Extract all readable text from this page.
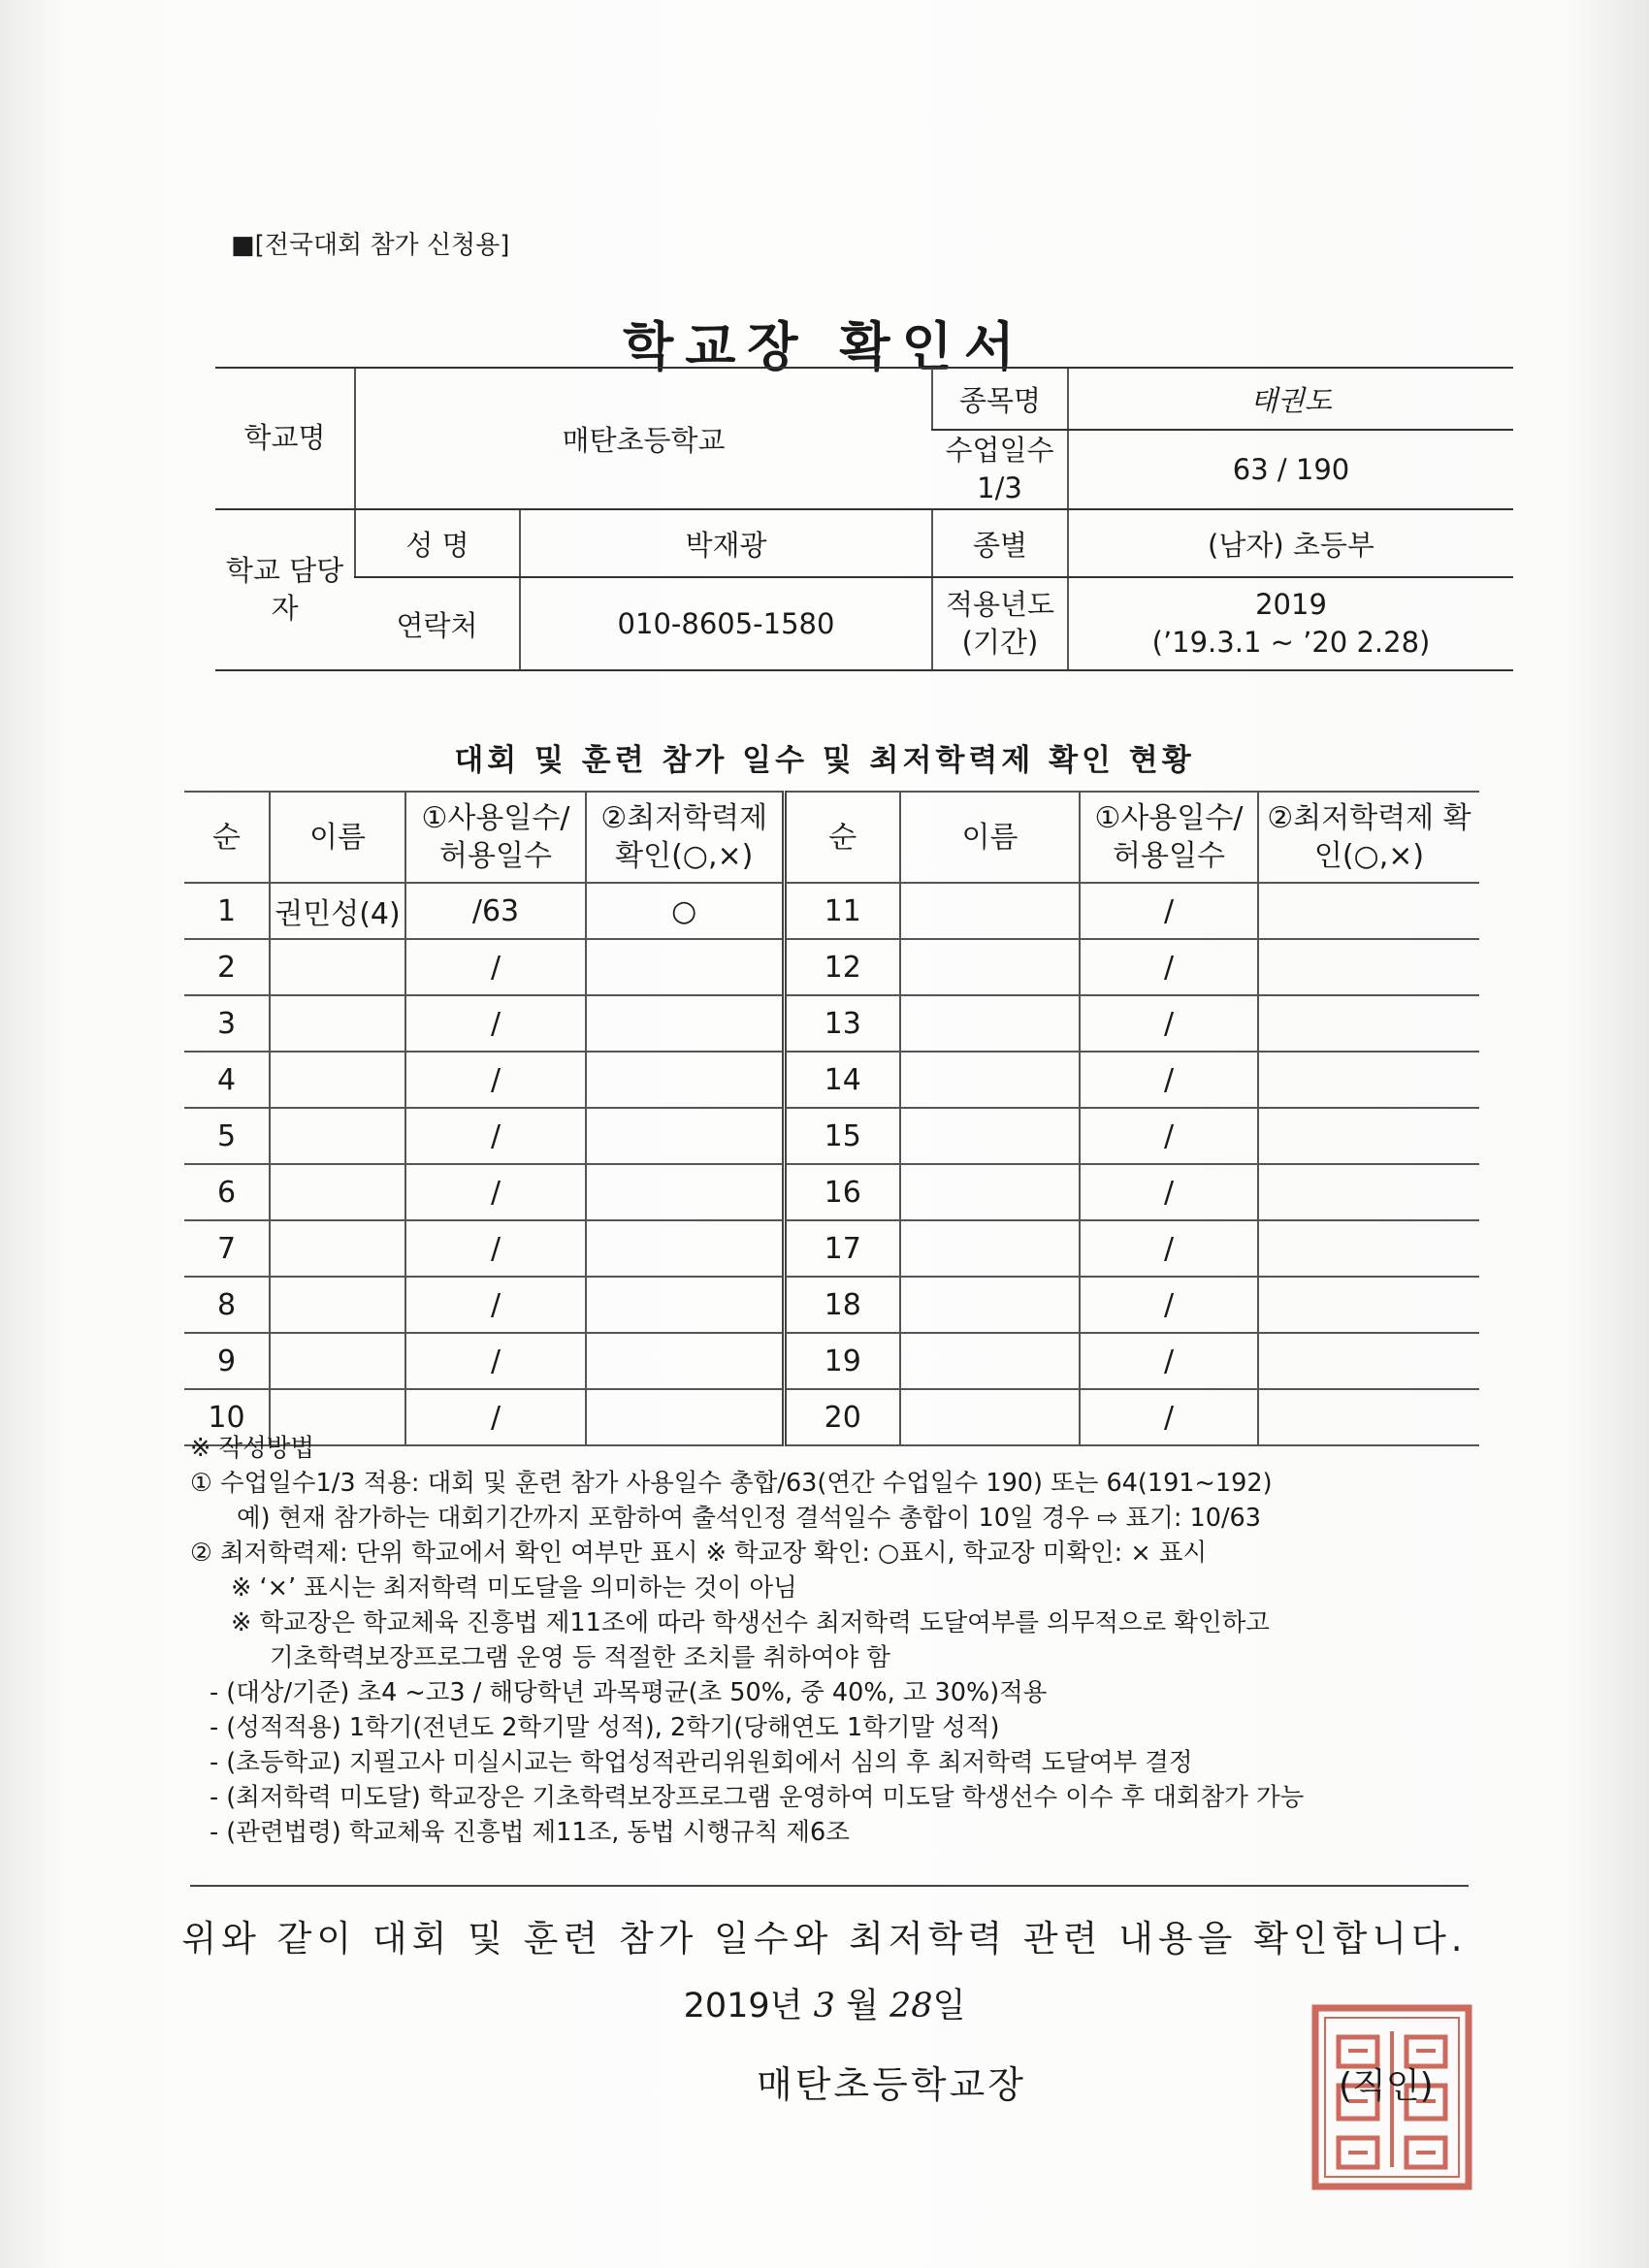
■[전국대회 참가 신청용]
학교장 확인서
학교명	매탄초등학교		종목명	태권도
			수업일수 1/3	63 / 190
학교 담당자	성 명	박재광	종별	(남자) 초등부
	연락처	010-8605-1580	적용년도 (기간)	2019
(’19.3.1 ~ ’20 2.28)
대회 및 훈련 참가 일수 및 최저학력제 확인 현황
순	이름	①사용일수/ 허용일수	②최저학력제 확인(○,×)	순	이름	①사용일수/ 허용일수	②최저학력제 확인(○,×)
1	권민성(4)	/63	○	11		/	
2		/		12		/	
3		/		13		/	
4		/		14		/	
5		/		15		/	
6		/		16		/	
7		/		17		/	
8		/		18		/	
9		/		19		/	
10		/		20		/	
※ 작성방법
① 수업일수1/3 적용: 대회 및 훈련 참가 사용일수 총합/63(연간 수업일수 190) 또는 64(191~192)
예) 현재 참가하는 대회기간까지 포함하여 출석인정 결석일수 총합이 10일 경우 ⇨ 표기: 10/63
② 최저학력제: 단위 학교에서 확인 여부만 표시 ※ 학교장 확인: ○표시, 학교장 미확인: × 표시
※ ‘×’ 표시는 최저학력 미도달을 의미하는 것이 아님
※ 학교장은 학교체육 진흥법 제11조에 따라 학생선수 최저학력 도달여부를 의무적으로 확인하고
기초학력보장프로그램 운영 등 적절한 조치를 취하여야 함
- (대상/기준) 초4 ~고3 / 해당학년 과목평균(초 50%, 중 40%, 고 30%)적용
- (성적적용) 1학기(전년도 2학기말 성적), 2학기(당해연도 1학기말 성적)
- (초등학교) 지필고사 미실시교는 학업성적관리위원회에서 심의 후 최저학력 도달여부 결정
- (최저학력 미도달) 학교장은 기초학력보장프로그램 운영하여 미도달 학생선수 이수 후 대회참가 가능
- (관련법령) 학교체육 진흥법 제11조, 동법 시행규칙 제6조
위와 같이 대회 및 훈련 참가 일수와 최저학력 관련 내용을 확인합니다.
2019년 3 월 28일
매탄초등학교장	(직인)
